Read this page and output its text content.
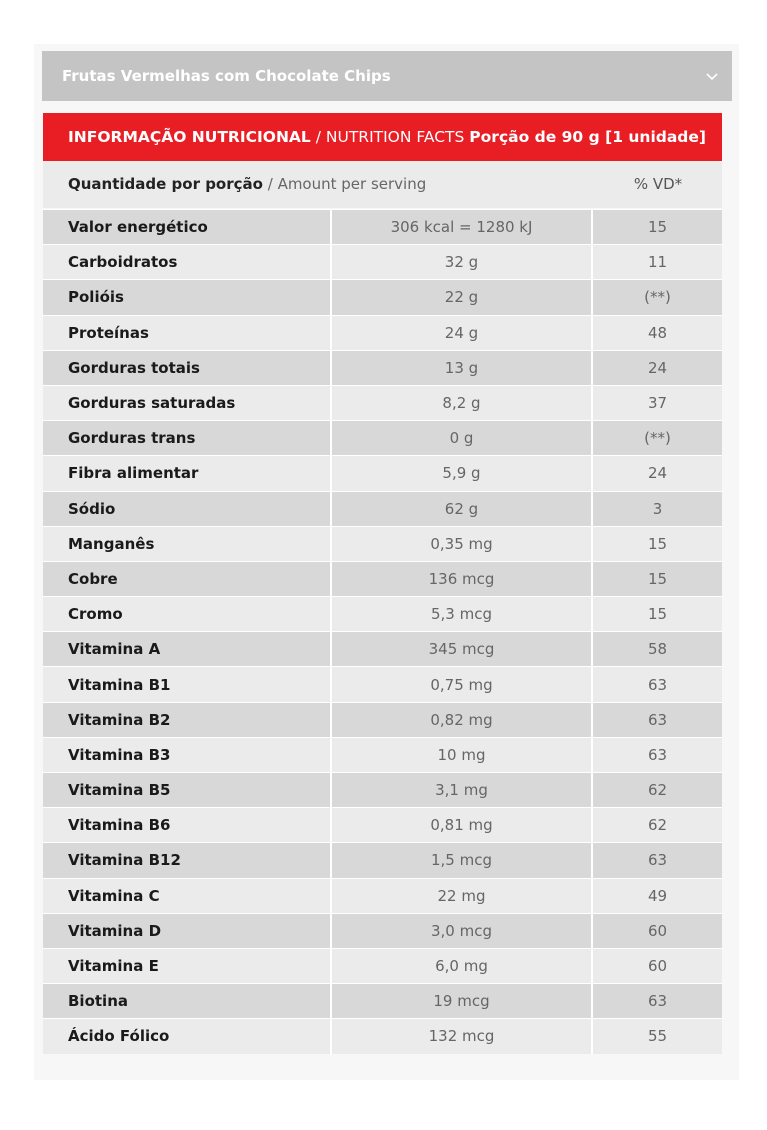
Frutas Vermelhas com Chocolate Chips
INFORMAÇÃO NUTRICIONAL / NUTRITION FACTS
Porção de 90 g [1 unidade]
Quantidade por porção / Amount per serving	% VD*
Valor energético	306 kcal = 1280 kJ	15
Carboidratos	32 g	11
Polióis	22 g	(**)
Proteínas	24 g	48
Gorduras totais	13 g	24
Gorduras saturadas	8,2 g	37
Gorduras trans	0 g	(**)
Fibra alimentar	5,9 g	24
Sódio	62 g	3
Manganês	0,35 mg	15
Cobre	136 mcg	15
Cromo	5,3 mcg	15
Vitamina A	345 mcg	58
Vitamina B1	0,75 mg	63
Vitamina B2	0,82 mg	63
Vitamina B3	10 mg	63
Vitamina B5	3,1 mg	62
Vitamina B6	0,81 mg	62
Vitamina B12	1,5 mcg	63
Vitamina C	22 mg	49
Vitamina D	3,0 mcg	60
Vitamina E	6,0 mg	60
Biotina	19 mcg	63
Ácido Fólico	132 mcg	55
